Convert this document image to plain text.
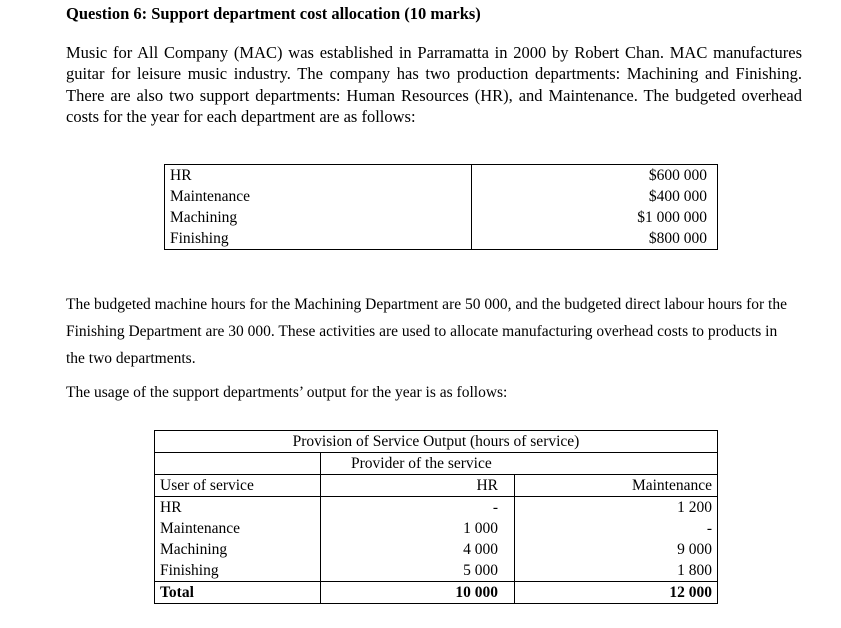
Question 6: Support department cost allocation (10 marks)
Music for All Company (MAC) was established in Parramatta in 2000 by Robert Chan. MAC manufactures guitar for leisure music industry. The company has two production departments: Machining and Finishing. There are also two support departments: Human Resources (HR), and Maintenance. The budgeted overhead costs for the year for each department are as follows:
HR	$600 000
Maintenance	$400 000
Machining	$1 000 000
Finishing	$800 000
The budgeted machine hours for the Machining Department are 50 000, and the budgeted direct labour hours for the Finishing Department are 30 000. These activities are used to allocate manufacturing overhead costs to products in the two departments.
The usage of the support departments’ output for the year is as follows:
Provision of Service Output (hours of service)		
	Provider of the service	
User of service	HR	Maintenance
HR	-	1 200
Maintenance	1 000	-
Machining	4 000	9 000
Finishing	5 000	1 800
Total	10 000	12 000
